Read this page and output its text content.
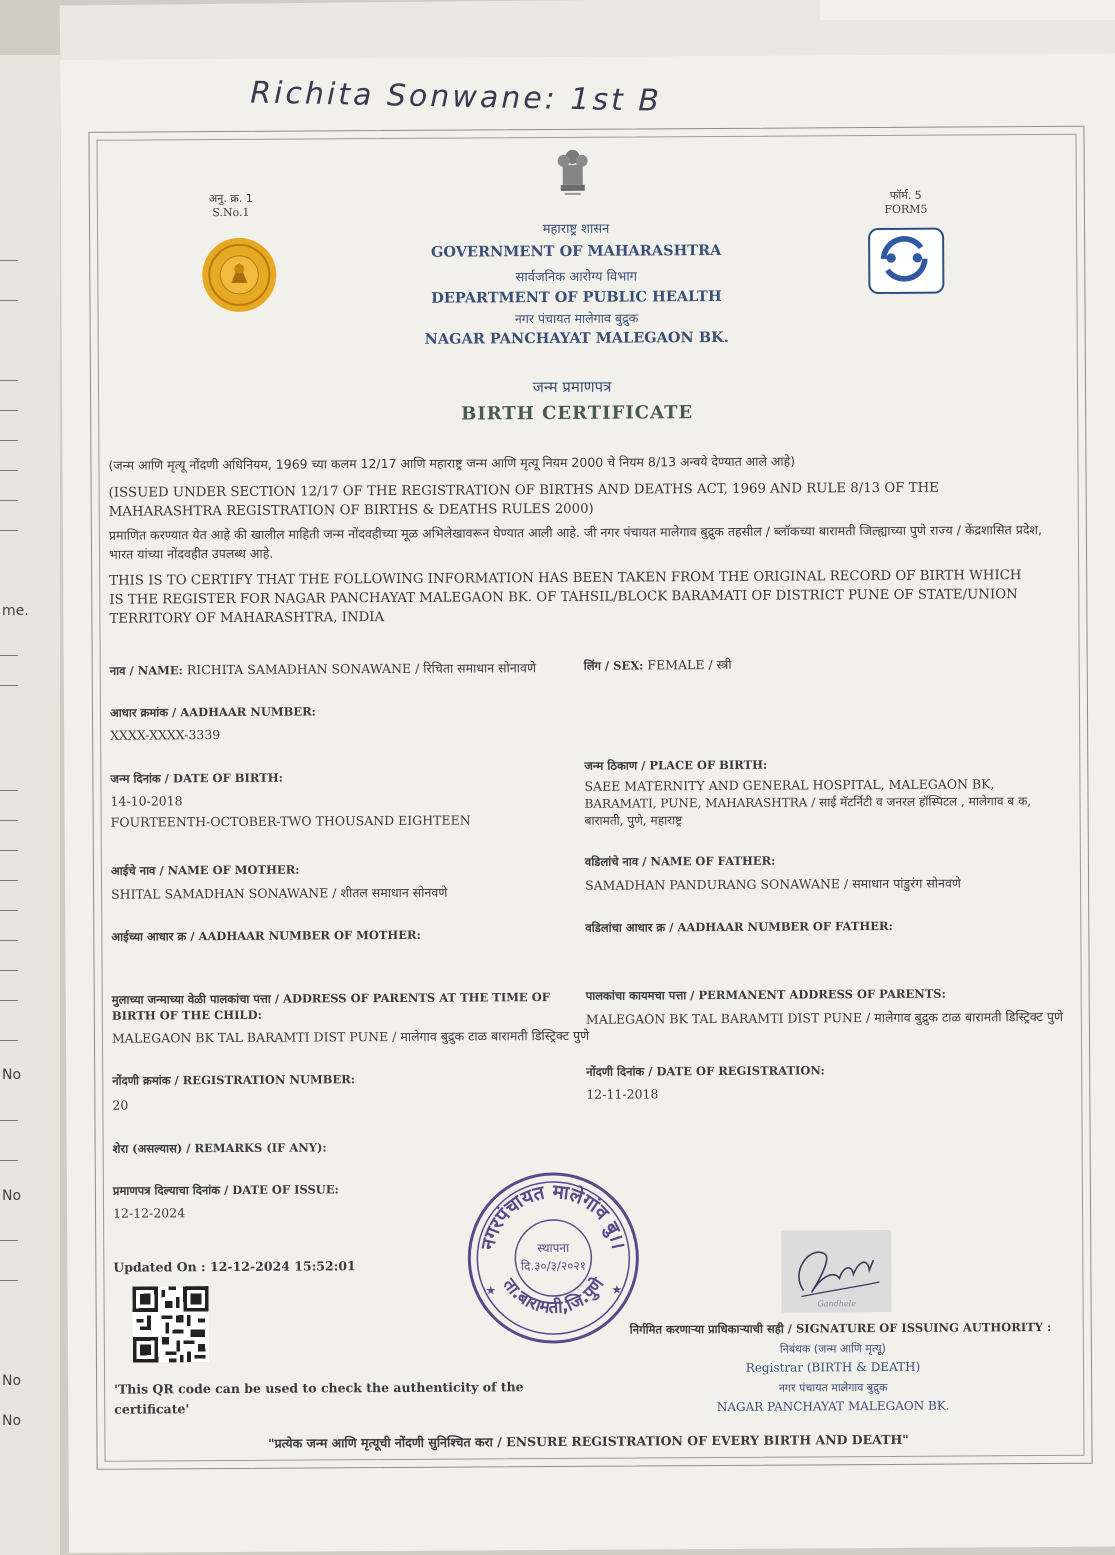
me.
No
No
No
No
Richita Sonwane: 1st B
अनु. क्र. 1
S.No.1
फॉर्म. 5
FORM5
महाराष्ट्र शासन
GOVERNMENT OF MAHARASHTRA
सार्वजनिक आरोग्य विभाग
DEPARTMENT OF PUBLIC HEALTH
नगर पंचायत मालेगाव बुद्रुक
NAGAR PANCHAYAT MALEGAON BK.
जन्म प्रमाणपत्र
BIRTH CERTIFICATE
(जन्म आणि मृत्यू नोंदणी अधिनियम, 1969 च्या कलम 12/17 आणि महाराष्ट्र जन्म आणि मृत्यू नियम 2000 चे नियम 8/13 अन्वये देण्यात आले आहे)
(ISSUED UNDER SECTION 12/17 OF THE REGISTRATION OF BIRTHS AND DEATHS ACT, 1969 AND RULE 8/13 OF THE MAHARASHTRA REGISTRATION OF BIRTHS & DEATHS RULES 2000)
प्रमाणित करण्यात येत आहे की खालील माहिती जन्म नोंदवहीच्या मूळ अभिलेखावरून घेण्यात आली आहे. जी नगर पंचायत मालेगाव बुद्रुक तहसील / ब्लॉकच्या बारामती जिल्ह्याच्या पुणे राज्य / केंद्रशासित प्रदेश, भारत यांच्या नोंदवहीत उपलब्ध आहे.
THIS IS TO CERTIFY THAT THE FOLLOWING INFORMATION HAS BEEN TAKEN FROM THE ORIGINAL RECORD OF BIRTH WHICH IS THE REGISTER FOR NAGAR PANCHAYAT MALEGAON BK. OF TAHSIL/BLOCK BARAMATI OF DISTRICT PUNE OF STATE/UNION TERRITORY OF MAHARASHTRA, INDIA
नाव / NAME: RICHITA SAMADHAN SONAWANE / रिचिता समाधान सोनावणे	लिंग / SEX: FEMALE / स्त्री
आधार क्रमांक / AADHAAR NUMBER:
XXXX-XXXX-3339
जन्म दिनांक / DATE OF BIRTH:
14-10-2018
FOURTEENTH-OCTOBER-TWO THOUSAND EIGHTEEN
जन्म ठिकाण / PLACE OF BIRTH:
SAEE MATERNITY AND GENERAL HOSPITAL, MALEGAON BK,
BARAMATI, PUNE, MAHARASHTRA / साई मॅटर्निटी व जनरल हॉस्पिटल , मालेगाव ब क,
बारामती, पुणे, महाराष्ट्र
आईचे नाव / NAME OF MOTHER:
SHITAL SAMADHAN SONAWANE / शीतल समाधान सोनवणे
वडिलांचे नाव / NAME OF FATHER:
SAMADHAN PANDURANG SONAWANE / समाधान पांडुरंग सोनवणे
आईच्या आधार क्र / AADHAAR NUMBER OF MOTHER:
वडिलांचा आधार क्र / AADHAAR NUMBER OF FATHER:
मुलाच्या जन्माच्या वेळी पालकांचा पत्ता / ADDRESS OF PARENTS AT THE TIME OF BIRTH OF THE CHILD:
MALEGAON BK TAL BARAMTI DIST PUNE / मालेगाव बुद्रुक टाळ बारामती डिस्ट्रिक्ट पुणे
पालकांचा कायमचा पत्ता / PERMANENT ADDRESS OF PARENTS:
MALEGAON BK TAL BARAMTI DIST PUNE / मालेगाव बुद्रुक टाळ बारामती डिस्ट्रिक्ट पुणे
नोंदणी क्रमांक / REGISTRATION NUMBER:
20
नोंदणी दिनांक / DATE OF REGISTRATION:
12-11-2018
शेरा (असल्यास) / REMARKS (IF ANY):
प्रमाणपत्र दिल्याचा दिनांक / DATE OF ISSUE:
12-12-2024
Updated On : 12-12-2024 15:52:01
'This QR code can be used to check the authenticity of the certificate'
नगरपंचायत मालेगांव बु।।
ता.बारामती,जि.पुणे
स्थापना
दि.३०/३/२०२१
★	★
Gandhele
निर्गमित करणाऱ्या प्राधिकाऱ्याची सही / SIGNATURE OF ISSUING AUTHORITY :
निबंधक (जन्म आणि मृत्यू)
Registrar (BIRTH & DEATH)
नगर पंचायत मालेगाव बुद्रुक
NAGAR PANCHAYAT MALEGAON BK.
"प्रत्येक जन्म आणि मृत्यूची नोंदणी सुनिश्चित करा / ENSURE REGISTRATION OF EVERY BIRTH AND DEATH"
